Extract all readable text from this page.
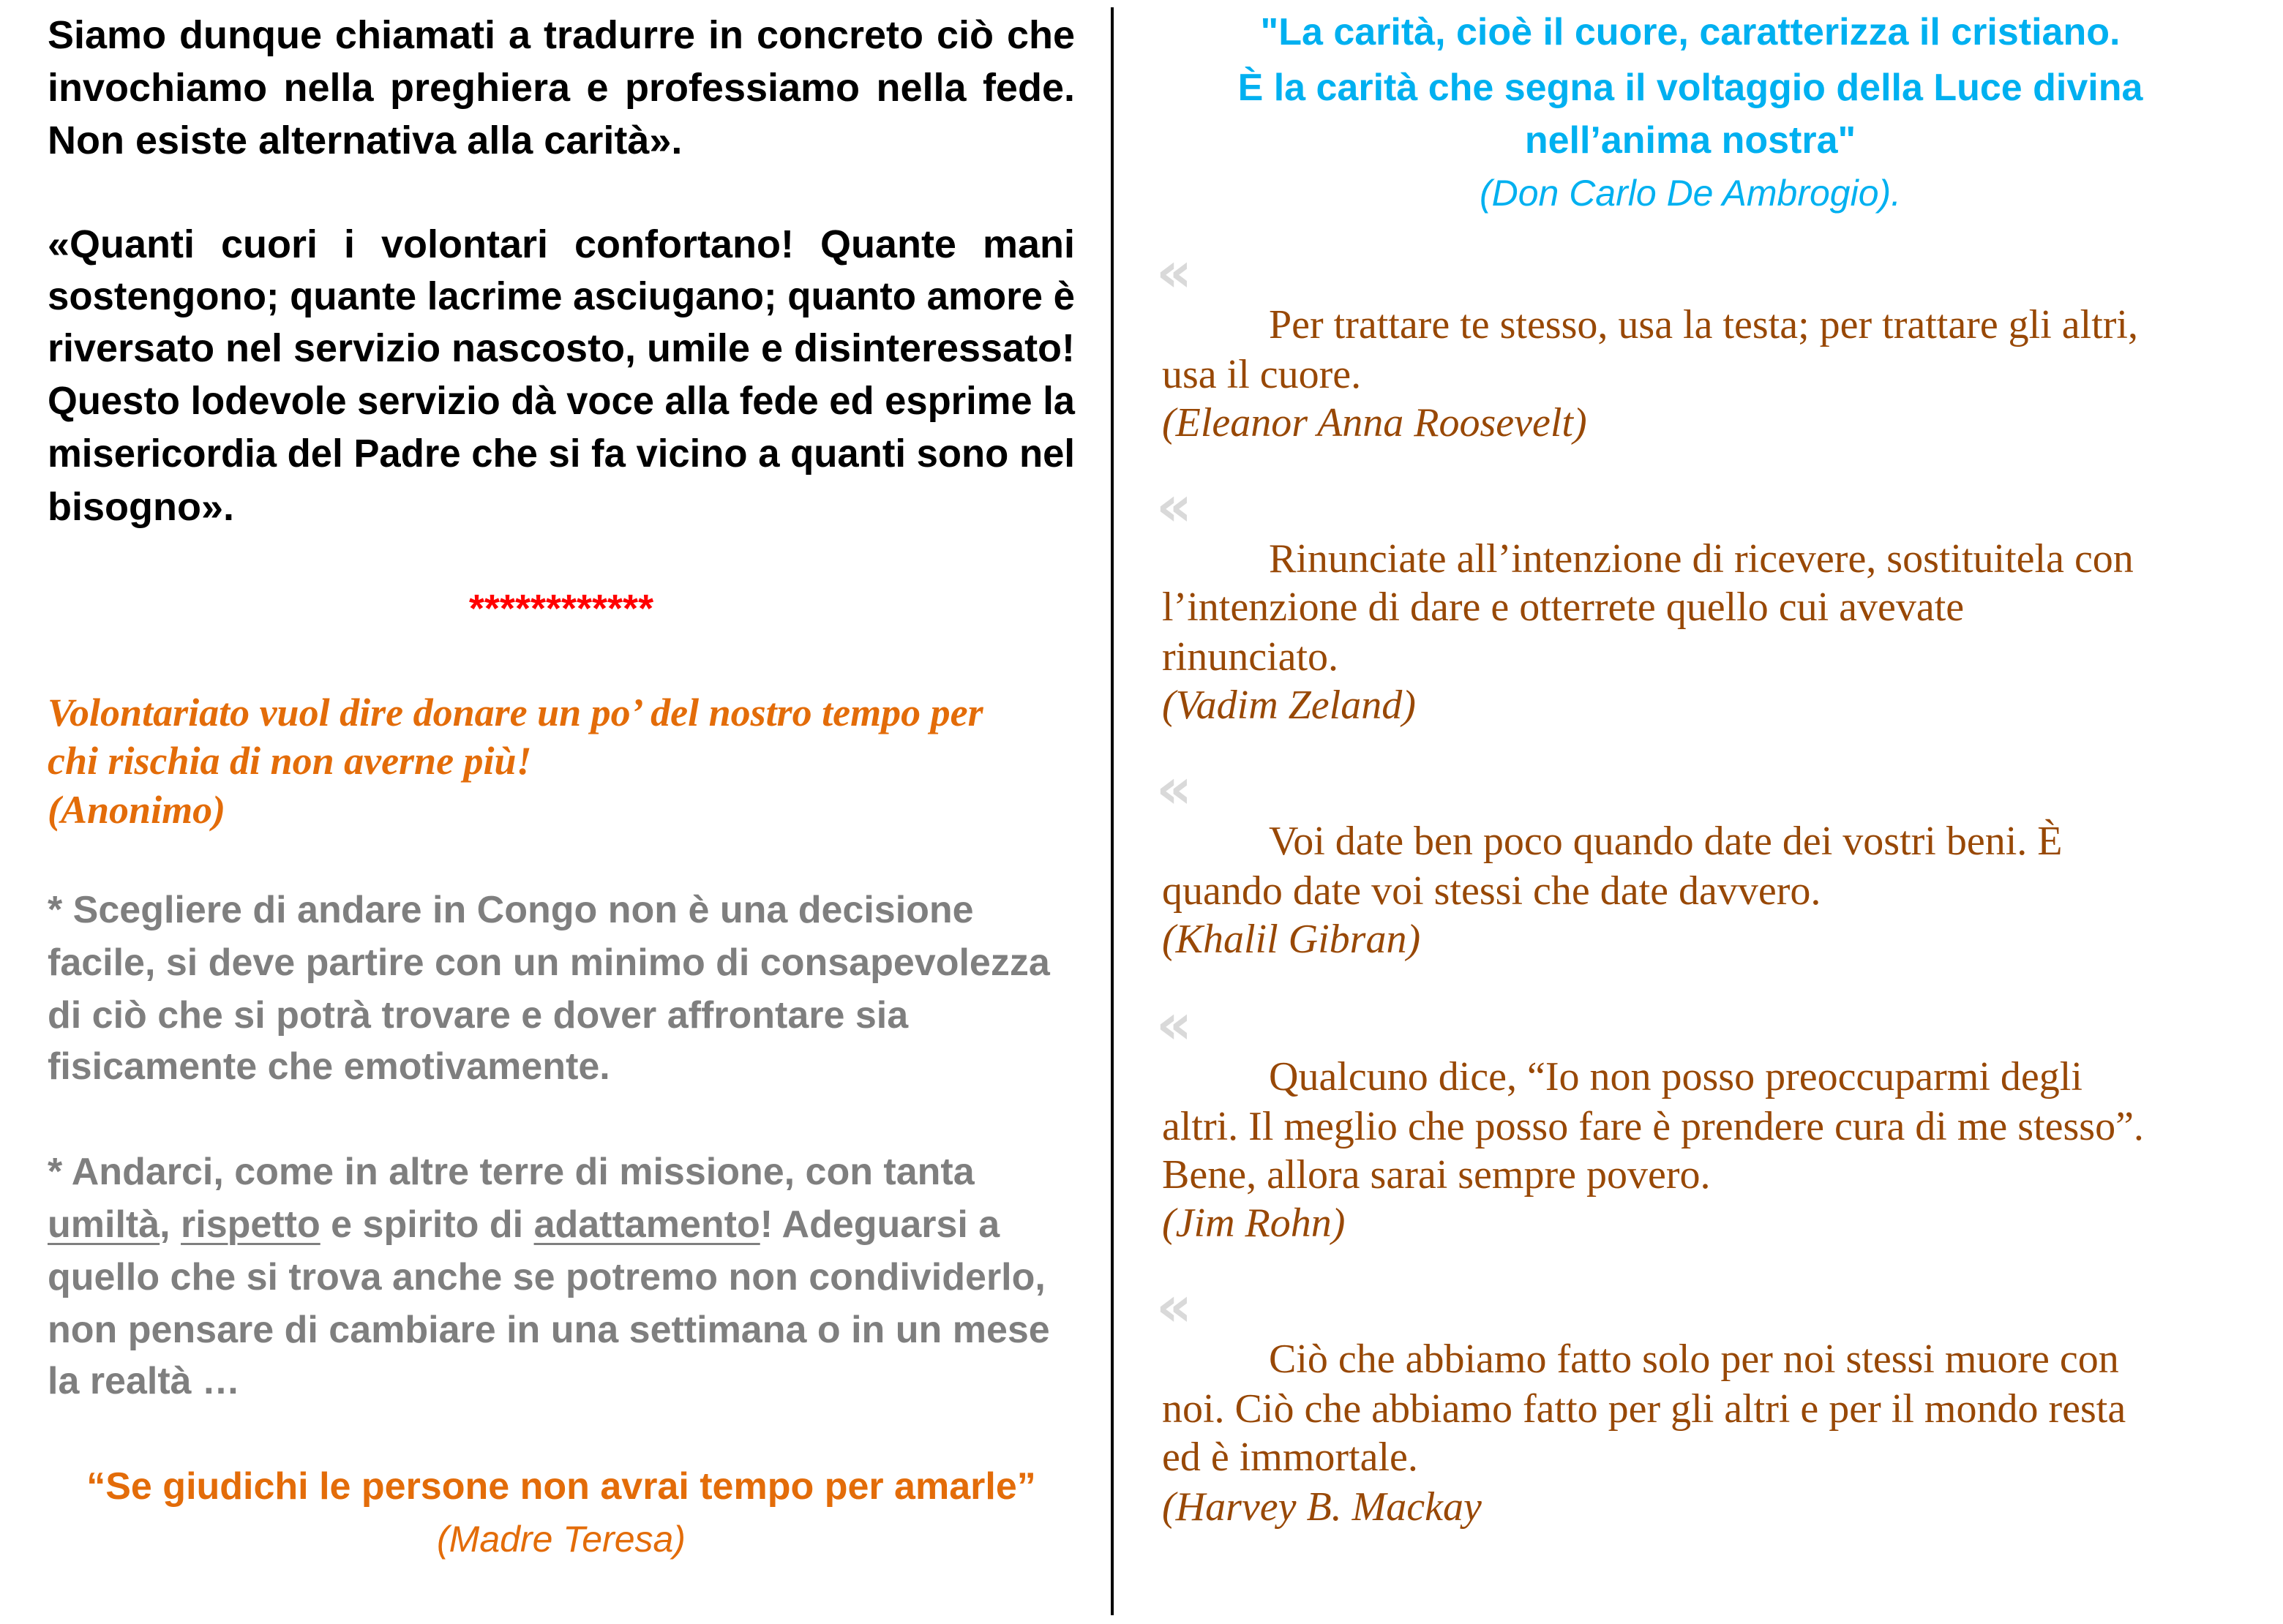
Siamo dunque chiamati a tradurre in concreto ciò che
invochiamo nella preghiera e professiamo nella fede.
Non esiste alternativa alla carità».
«Quanti cuori i volontari confortano! Quante mani
sostengono; quante lacrime asciugano; quanto amore è
riversato nel servizio nascosto, umile e disinteressato!
Questo lodevole servizio dà voce alla fede ed esprime la
misericordia del Padre che si fa vicino a quanti sono nel
bisogno».
************
Volontariato vuol dire donare un po’ del nostro tempo per
chi rischia di non averne più!
(Anonimo)
* Scegliere di andare in Congo non è una decisione
facile, si deve partire con un minimo di consapevolezza
di ciò che si potrà trovare e dover affrontare sia
fisicamente che emotivamente.
* Andarci, come in altre terre di missione, con tanta
umiltà, rispetto e spirito di adattamento! Adeguarsi a
quello che si trova anche se potremo non condividerlo,
non pensare di cambiare in una settimana o in un mese
la realtà …
“Se giudichi le persone non avrai tempo per amarle”
(Madre Teresa)
"La carità, cioè il cuore, caratterizza il cristiano.
È la carità che segna il voltaggio della Luce divina
nell’anima nostra"
(Don Carlo De Ambrogio).
«
Per trattare te stesso, usa la testa; per trattare gli altri,
usa il cuore.
(Eleanor Anna Roosevelt)
«
Rinunciate all’intenzione di ricevere, sostituitela con
l’intenzione di dare e otterrete quello cui avevate
rinunciato.
(Vadim Zeland)
«
Voi date ben poco quando date dei vostri beni. È
quando date voi stessi che date davvero.
(Khalil Gibran)
«
Qualcuno dice, “Io non posso preoccuparmi degli
altri. Il meglio che posso fare è prendere cura di me stesso”.
Bene, allora sarai sempre povero.
(Jim Rohn)
«
Ciò che abbiamo fatto solo per noi stessi muore con
noi. Ciò che abbiamo fatto per gli altri e per il mondo resta
ed è immortale.
(Harvey B. Mackay
